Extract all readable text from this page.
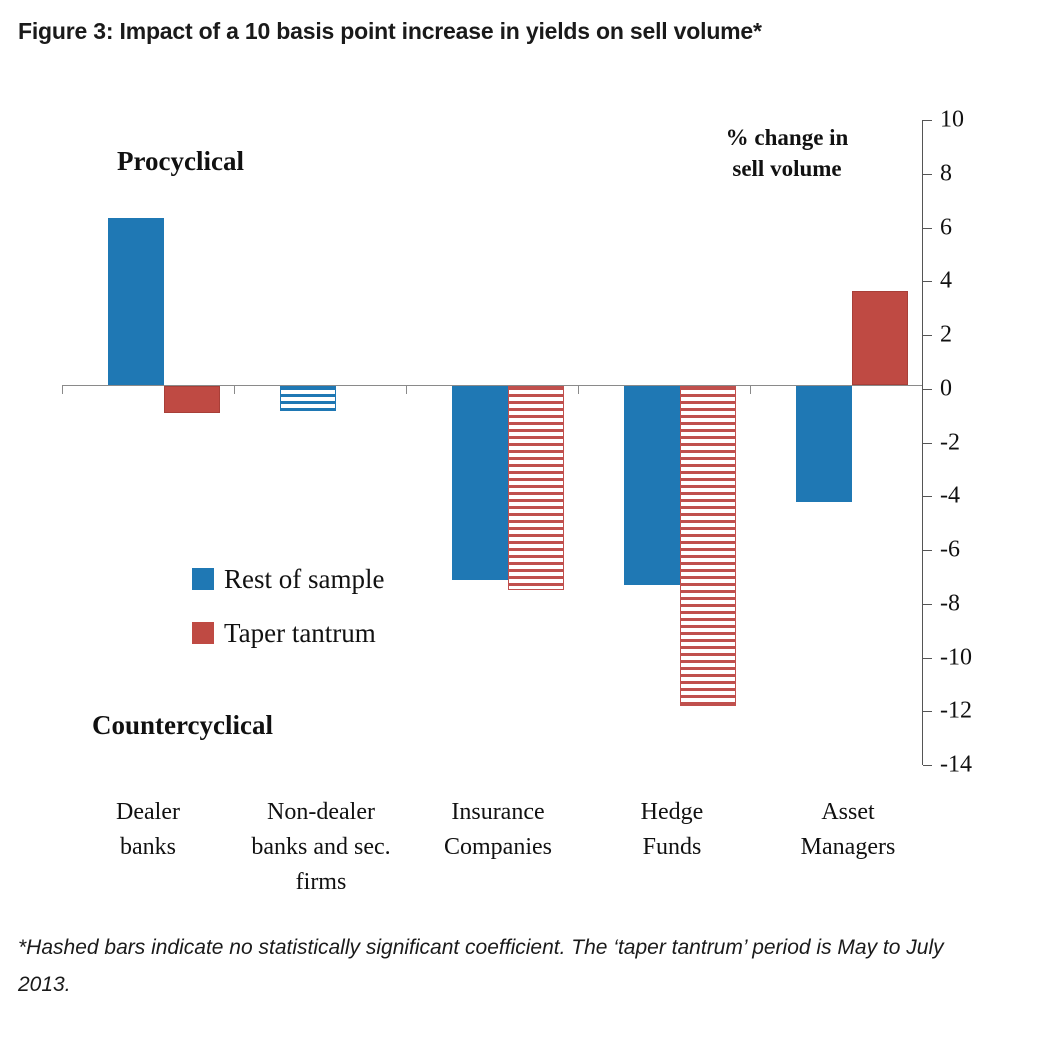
Figure 3: Impact of a 10 basis point increase in yields on sell volume*
10
8
6
4
2
0
-2
-4
-6
-8
-10
-12
-14
Procyclical
Countercyclical
% change in
sell volume
Rest of sample
Taper tantrum
Dealer
banks
Non-dealer
banks and sec.
firms
Insurance
Companies
Hedge
Funds
Asset
Managers
*Hashed bars indicate no statistically significant coefficient. The ‘taper tantrum’ period is May to July 2013.
